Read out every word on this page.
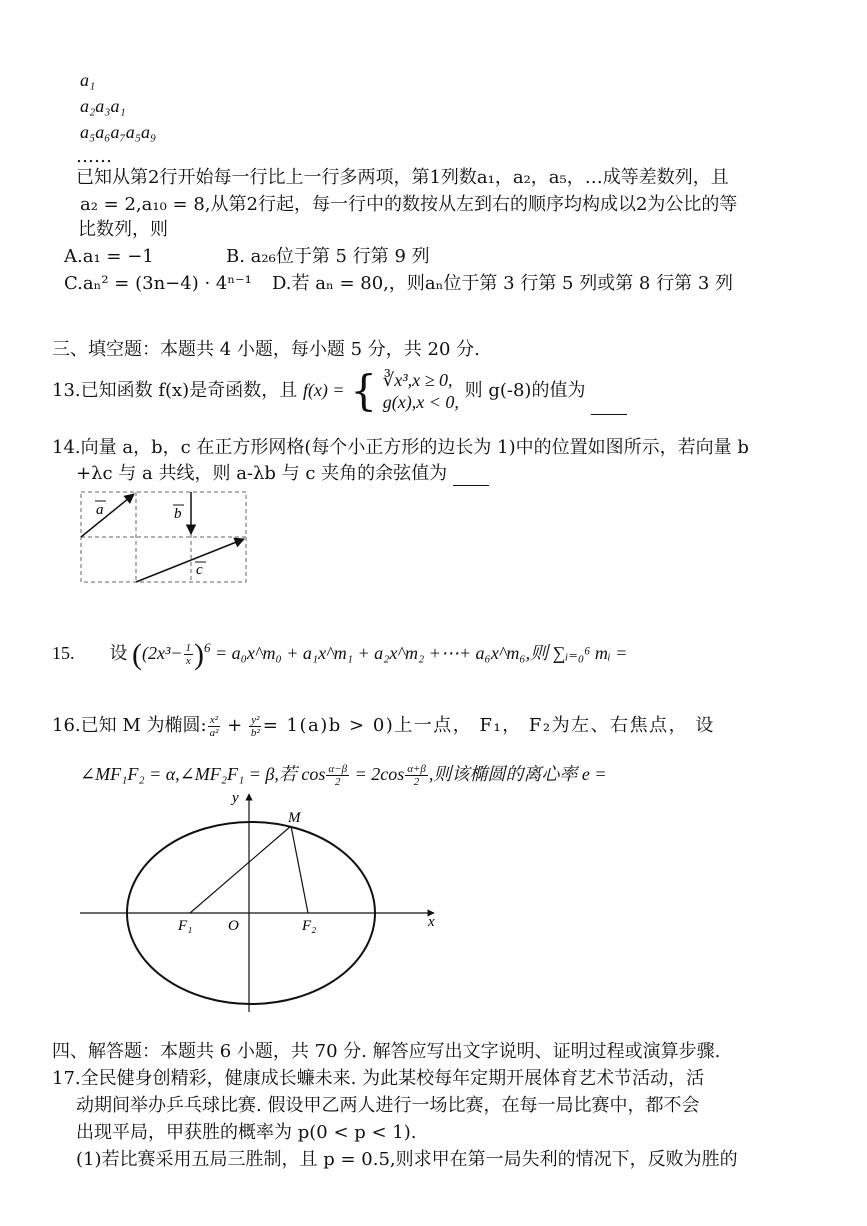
a₁
a₂a₃a₁
a₅a₆a₇a₅a₉
……
已知从第2行开始每一行比上一行多两项，第1列数a₁，a₂，a₅，…成等差数列，且
a₂ = 2,a₁₀ = 8,从第2行起，每一行中的数按从左到右的顺序均构成以2为公比的等
比数列，则
A.a₁ = −1	B. a₂₆位于第 5 行第 9 列
C.aₙ² = (3n−4) · 4ⁿ⁻¹ D.若 aₙ = 80,，则aₙ位于第 3 行第 5 列或第 8 行第 3 列
三、填空题：本题共 4 小题，每小题 5 分，共 20 分.
13.已知函数 f(x)是奇函数，且 f(x) = { ∛x³,x ≥ 0,
g(x),x < 0,
则 g(-8)的值为
14.向量 a，b，c 在正方形网格(每个小正方形的边长为 1)中的位置如图所示，若向量 b
+λc 与 a 共线，则 a-λb 与 c 夹角的余弦值为
a	b
c
15. 设 ($(2x^3- \frac{1}{x} )^6$ = a₀x^m₀ + a₁x^m₁ + a₂x^m₂ +⋯+ a₆x^m₆,则 ∑ᵢ₌₀⁶ mᵢ =
16.已知 M 为椭圆: $\frac{\text{x²}}{\text{a²}} + \frac{\text{y²}}{\text{b²}} = 1(a)b > 0$)上一点， F₁， F₂为左、右焦点， 设
∠MF₁F₂ = α,∠MF₂F₁ = β,若 $\cos \frac{\alpha-\beta}{2} = 2\cos \frac{\alpha+\beta}{2}$ ,则该椭圆的离心率 e =
y
x
M
F₁ O	F₂
四、解答题：本题共 6 小题，共 70 分. 解答应写出文字说明、证明过程或演算步骤.
17.全民健身创精彩，健康成长蠊未来. 为此某校每年定期开展体育艺术节活动，活
动期间举办乒乓球比赛. 假设甲乙两人进行一场比赛，在每一局比赛中，都不会
出现平局，甲获胜的概率为 p(0 < p < 1).
(1)若比赛采用五局三胜制，且 p = 0.5,则求甲在第一局失利的情况下，反败为胜的
